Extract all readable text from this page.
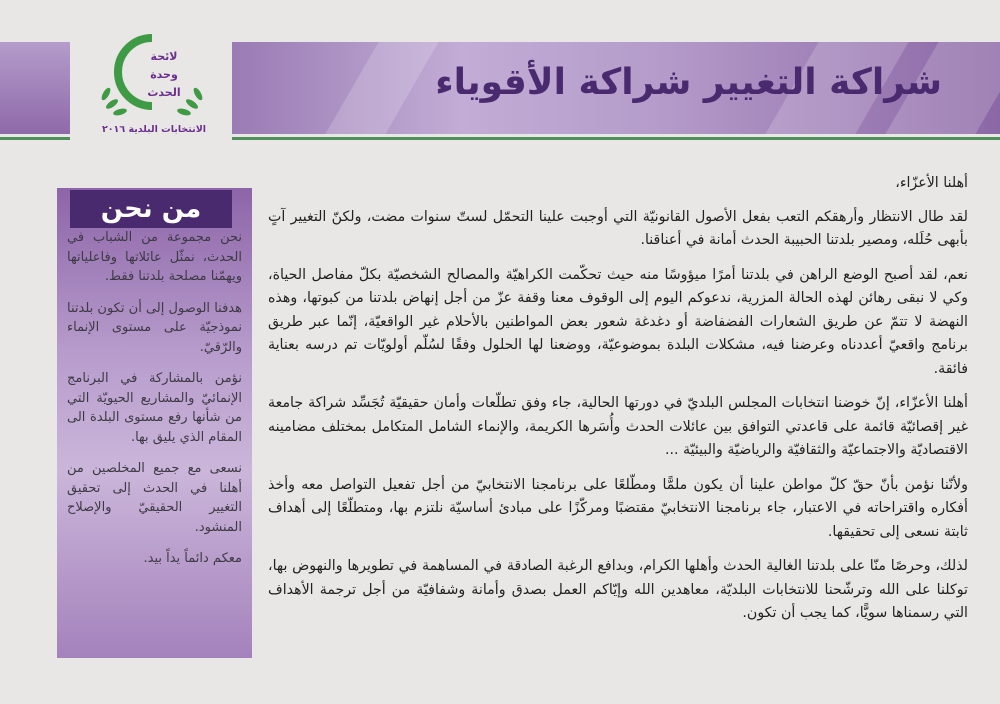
لائحة
وحدة
الحدث
الانتخابات البلدية ٢٠١٦
شراكة التغيير شراكة الأقوياء

نحن مجموعة من الشباب في الحدث، نمثّل عائلاتها وفاعلياتها ويهمّنا مصلحة بلدتنا فقط.

هدفنا الوصول إلى أن تكون بلدتنا نموذجيّة على مستوى الإنماء والرّقيّ.

نؤمن بالمشاركة في البرنامج الإنمائيّ والمشاريع الحيويّة التي من شأنها رفع مستوى البلدة الى المقام الذي يليق بها.

نسعى مع جميع المخلصين من أهلنا في الحدث إلى تحقيق التغيير الحقيقيّ والإصلاح المنشود.

معكم دائماً يداً بيد.

من نحن

أهلنا الأعزّاء،

لقد طال الانتظار وأرهقكم التعب بفعل الأصول القانونيّة التي أوجبت علينا التحمّل لستّ سنوات مضت، ولكنّ التغيير آتٍ بأبهى حُلَله، ومصير بلدتنا الحبيبة الحدث أمانة في أعناقنا.

نعم، لقد أصبح الوضع الراهن في بلدتنا أمرًا ميؤوسًا منه حيث تحكّمت الكراهيّة والمصالح الشخصيّة بكلّ مفاصل الحياة، وكي لا نبقى رهائن لهذه الحالة المزرية، ندعوكم اليوم إلى الوقوف معنا وقفة عزّ من أجل إنهاض بلدتنا من كبوتها، وهذه النهضة لا تتمّ عن طريق الشعارات الفضفاضة أو دغدغة شعور بعض المواطنين بالأحلام غير الواقعيّة، إنّما عبر طريق برنامج واقعيّ أعددناه وعرضنا فيه، مشكلات البلدة بموضوعيّة، ووضعنا لها الحلول وفقًا لسُلّم أولويّات تم درسه بعناية فائقة.

أهلنا الأعزّاء، إنّ خوضنا انتخابات المجلس البلديّ في دورتها الحالية، جاء وفق تطلّعات وأمان حقيقيّة تُجَسِّد شراكة جامعة غير إقصائيّة قائمة على قاعدتي التوافق بين عائلات الحدث وأُسَرها الكريمة، والإنماء الشامل المتكامل بمختلف مضامينه الاقتصاديّة والاجتماعيّة والثقافيّة والرياضيّة والبيئيّة ...

ولأنّنا نؤمن بأنّ حقّ كلّ مواطن علينا أن يكون ملمًّا ومطّلعًا على برنامجنا الانتخابيّ من أجل تفعيل التواصل معه وأخذ أفكاره واقتراحاته في الاعتبار، جاء برنامجنا الانتخابيّ مقتضبًا ومركّزًا على مبادئ أساسيّة نلتزم بها، ومتطلّعًا إلى أهداف ثابتة نسعى إلى تحقيقها.

لذلك، وحرصًا منّا على بلدتنا الغالية الحدث وأهلها الكرام، وبدافع الرغبة الصادقة في المساهمة في تطويرها والنهوض بها، توكلنا على الله وترشّحنا للانتخابات البلديّة، معاهدين الله وإيّاكم العمل بصدق وأمانة وشفافيّة من أجل ترجمة الأهداف التي رسمناها سويًّا، كما يجب أن تكون.
